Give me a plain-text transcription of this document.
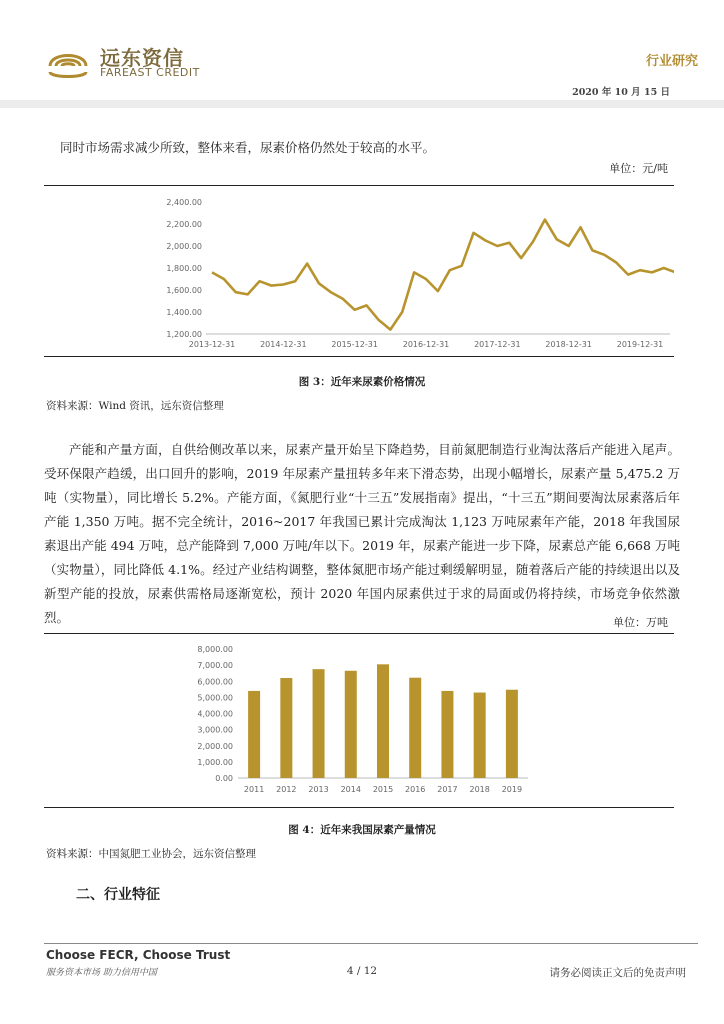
远东资信
FAREAST CREDIT
行业研究
2020 年 10 月 15 日
同时市场需求减少所致，整体来看，尿素价格仍然处于较高的水平。
单位：元/吨
1,200.00
1,400.00
1,600.00
1,800.00
2,000.00
2,200.00
2,400.00
2013-12-31	2014-12-31	2015-12-31	2016-12-31	2017-12-31	2018-12-31	2019-12-31
图 3：近年来尿素价格情况
资料来源：Wind 资讯，远东资信整理
产能和产量方面，自供给侧改革以来，尿素产量开始呈下降趋势，目前氮肥制造行业淘汰落后产能进入尾声。受环保限产趋缓，出口回升的影响，2019 年尿素产量扭转多年来下滑态势，出现小幅增长，尿素产量 5,475.2 万吨（实物量），同比增长 5.2%。产能方面，《氮肥行业“十三五”发展指南》提出，“十三五”期间要淘汰尿素落后年产能 1,350 万吨。据不完全统计，2016~2017 年我国已累计完成淘汰 1,123 万吨尿素年产能，2018 年我国尿素退出产能 494 万吨，总产能降到 7,000 万吨/年以下。2019 年，尿素产能进一步下降，尿素总产能 6,668 万吨（实物量），同比降低 4.1%。经过产业结构调整，整体氮肥市场产能过剩缓解明显，随着落后产能的持续退出以及新型产能的投放，尿素供需格局逐渐宽松，预计 2020 年国内尿素供过于求的局面或仍将持续，市场竞争依然激烈。	单位：万吨
0.00
1,000.00
2,000.00
3,000.00
4,000.00
5,000.00
6,000.00
7,000.00
8,000.00
2011 2012 2013 2014 2015 2016 2017 2018 2019
图 4：近年来我国尿素产量情况
资料来源：中国氮肥工业协会，远东资信整理
二、行业特征
Choose FECR, Choose Trust
服务资本市场 助力信用中国	4 / 12	请务必阅读正文后的免责声明
